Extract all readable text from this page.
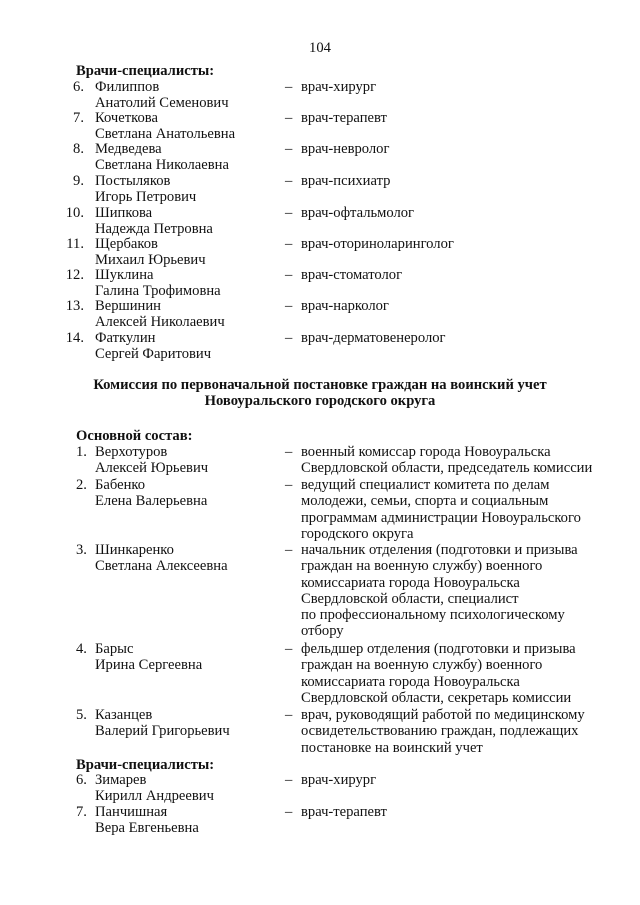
104
Врачи-специалисты:
6. Филиппов
Анатолий Семенович
– врач-хирург
7. Кочеткова
Светлана Анатольевна
– врач-терапевт
8. Медведева
Светлана Николаевна
– врач-невролог
9. Постыляков
Игорь Петрович
– врач-психиатр
10. Шипкова
Надежда Петровна
– врач-офтальмолог
11. Щербаков
Михаил Юрьевич
– врач-оториноларинголог
12. Шуклина
Галина Трофимовна
– врач-стоматолог
13. Вершинин
Алексей Николаевич
– врач-нарколог
14. Фаткулин
Сергей Фаритович
– врач-дерматовенеролог
Комиссия по первоначальной постановке граждан на воинский учет
Новоуральского городского округа
Основной состав:
1. Верхотуров
Алексей Юрьевич
– военный комиссар города Новоуральска
Свердловской области, председатель комиссии
2. Бабенко
Елена Валерьевна
– ведущий специалист комитета по делам
молодежи, семьи, спорта и социальным
программам администрации Новоуральского
городского округа
3. Шинкаренко
Светлана Алексеевна
– начальник отделения (подготовки и призыва
граждан на военную службу) военного
комиссариата города Новоуральска
Свердловской области, специалист
по профессиональному психологическому
отбору
4. Барыс
Ирина Сергеевна
– фельдшер отделения (подготовки и призыва
граждан на военную службу) военного
комиссариата города Новоуральска
Свердловской области, секретарь комиссии
5. Казанцев
Валерий Григорьевич
– врач, руководящий работой по медицинскому
освидетельствованию граждан, подлежащих
постановке на воинский учет
Врачи-специалисты:
6. Зимарев
Кирилл Андреевич
– врач-хирург
7. Панчишная
Вера Евгеньевна
– врач-терапевт
